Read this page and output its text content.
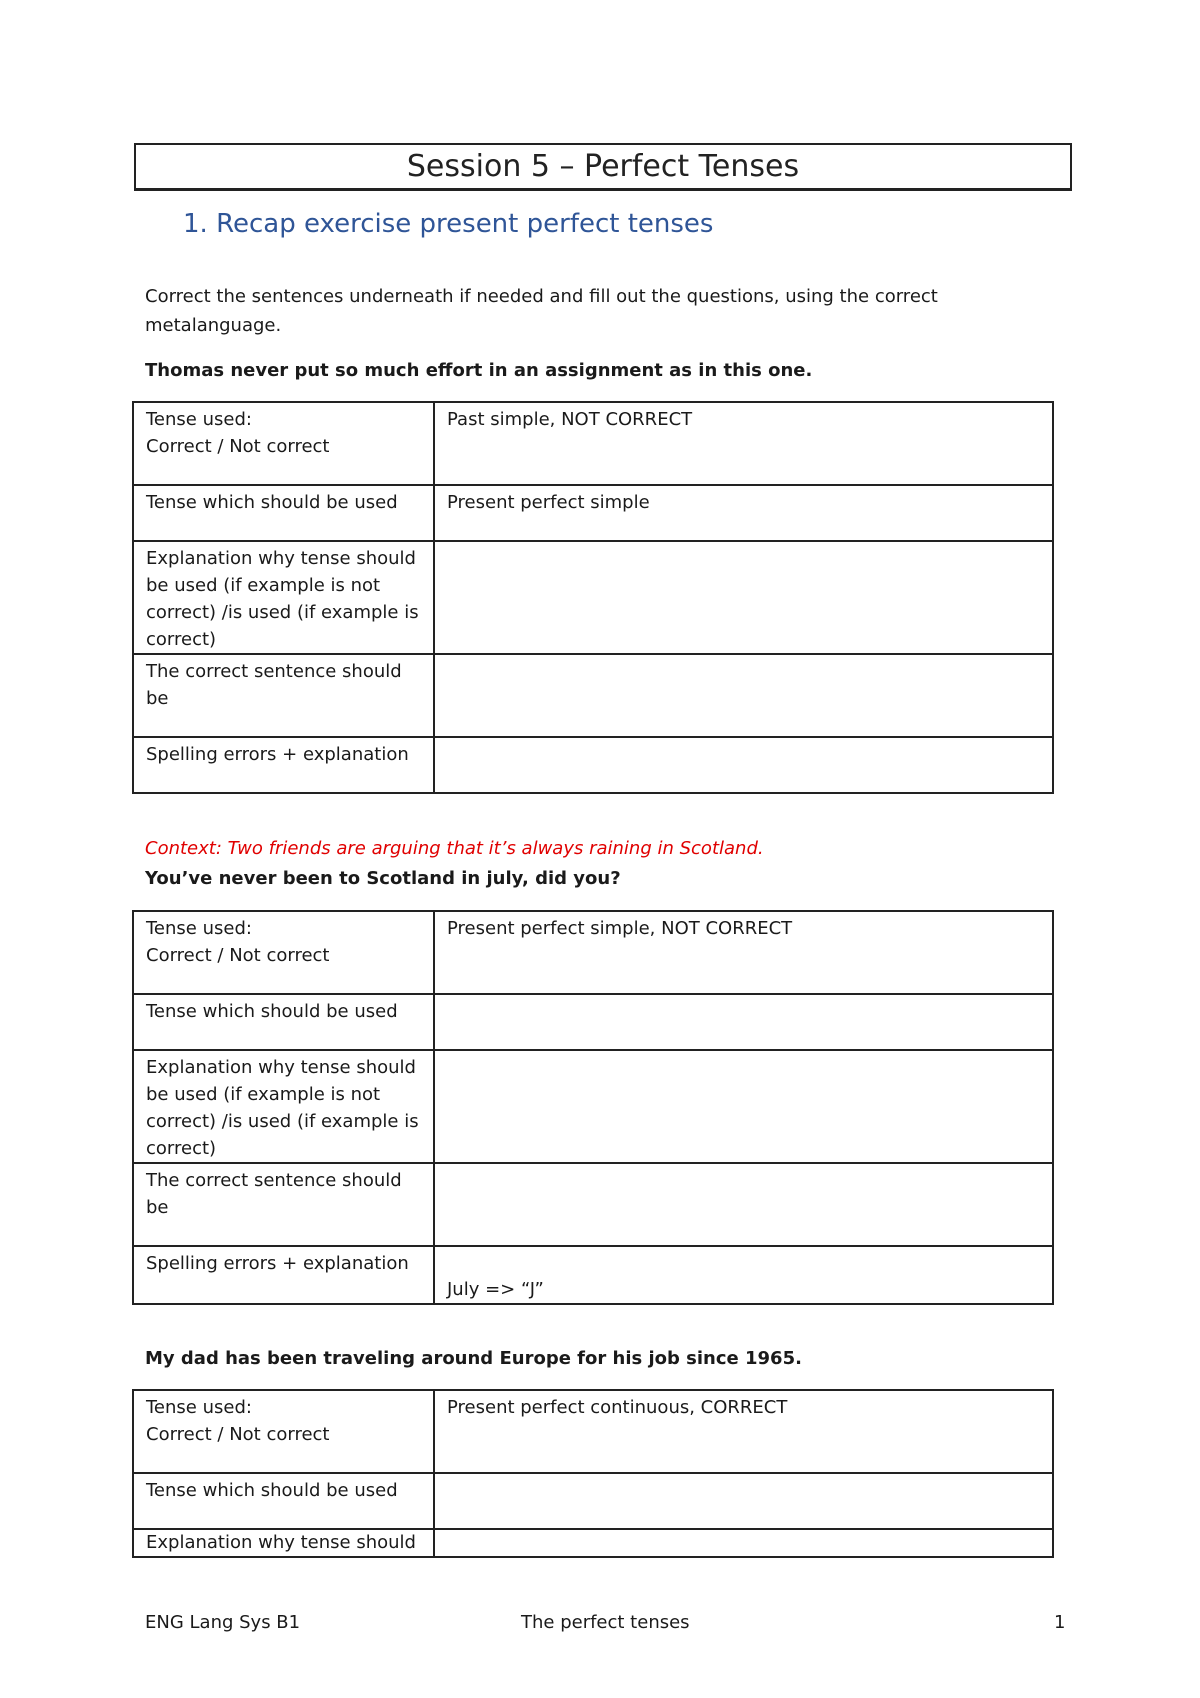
Session 5 – Perfect Tenses
1. Recap exercise present perfect tenses
Correct the sentences underneath if needed and fill out the questions, using the correct metalanguage.
Thomas never put so much effort in an assignment as in this one.
Tense used:
Correct / Not correct	Past simple, NOT CORRECT
Tense which should be used	Present perfect simple
Explanation why tense should be used (if example is not correct) /is used (if example is correct)	
The correct sentence should be	
Spelling errors + explanation	
Context: Two friends are arguing that it’s always raining in Scotland.
You’ve never been to Scotland in july, did you?
Tense used:
Correct / Not correct	Present perfect simple, NOT CORRECT
Tense which should be used	
Explanation why tense should be used (if example is not correct) /is used (if example is correct)	
The correct sentence should be	
Spelling errors + explanation	July => “J”
My dad has been traveling around Europe for his job since 1965.
Tense used:
Correct / Not correct	Present perfect continuous, CORRECT
Tense which should be used	
Explanation why tense should	
ENG Lang Sys B1	The perfect tenses	1
